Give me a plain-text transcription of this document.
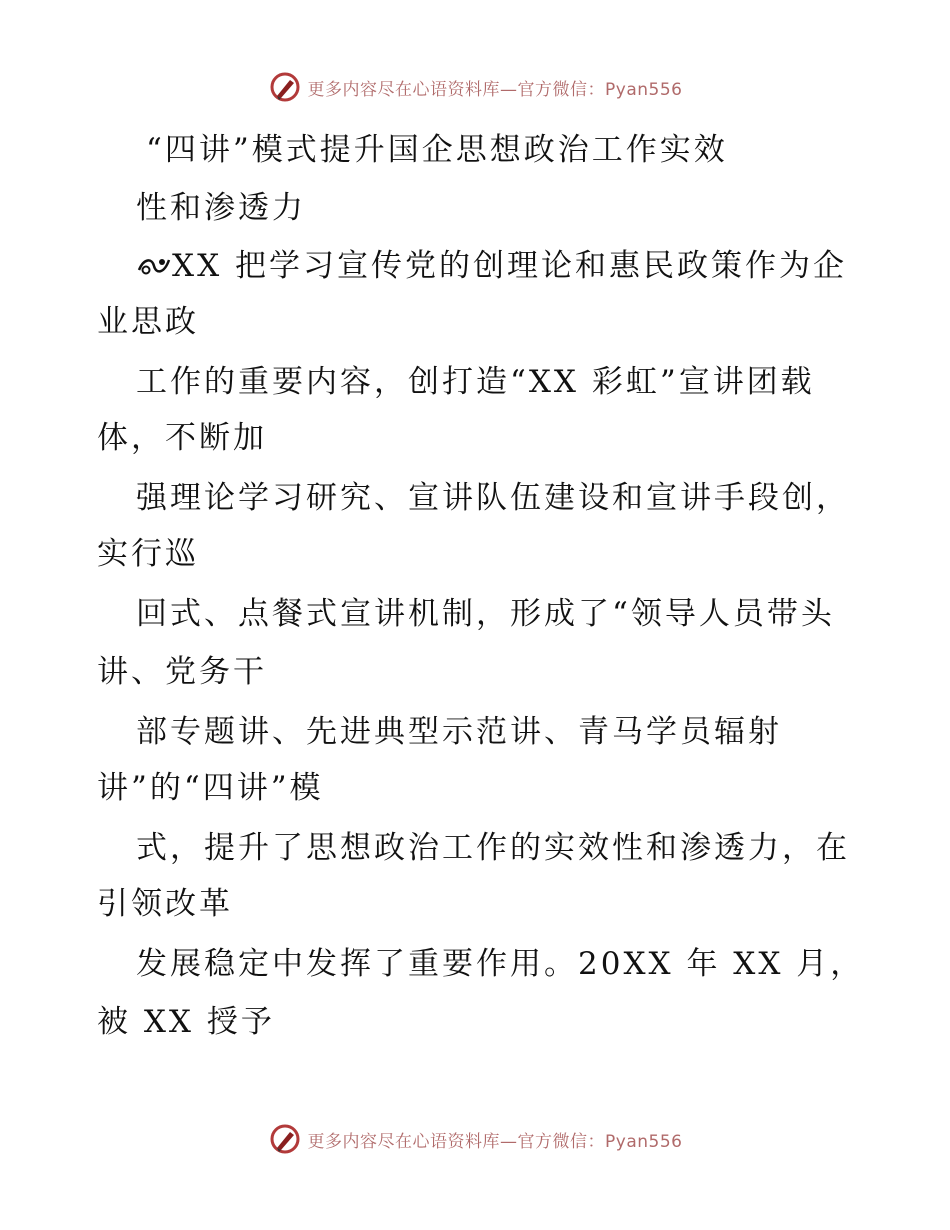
更多内容尽在心语资料库—官方微信：Pyan556
“四讲”模式提升国企思想政治工作实效
性和渗透力
XX 把学习宣传党的创理论和惠民政策作为企
业思政
工作的重要内容，创打造“XX 彩虹”宣讲团载
体，不断加
强理论学习研究、宣讲队伍建设和宣讲手段创，
实行巡
回式、点餐式宣讲机制，形成了“领导人员带头
讲、党务干
部专题讲、先进典型示范讲、青马学员辐射
讲”的“四讲”模
式，提升了思想政治工作的实效性和渗透力，在
引领改革
发展稳定中发挥了重要作用。20XX 年 XX 月，
被 XX 授予
更多内容尽在心语资料库—官方微信：Pyan556
